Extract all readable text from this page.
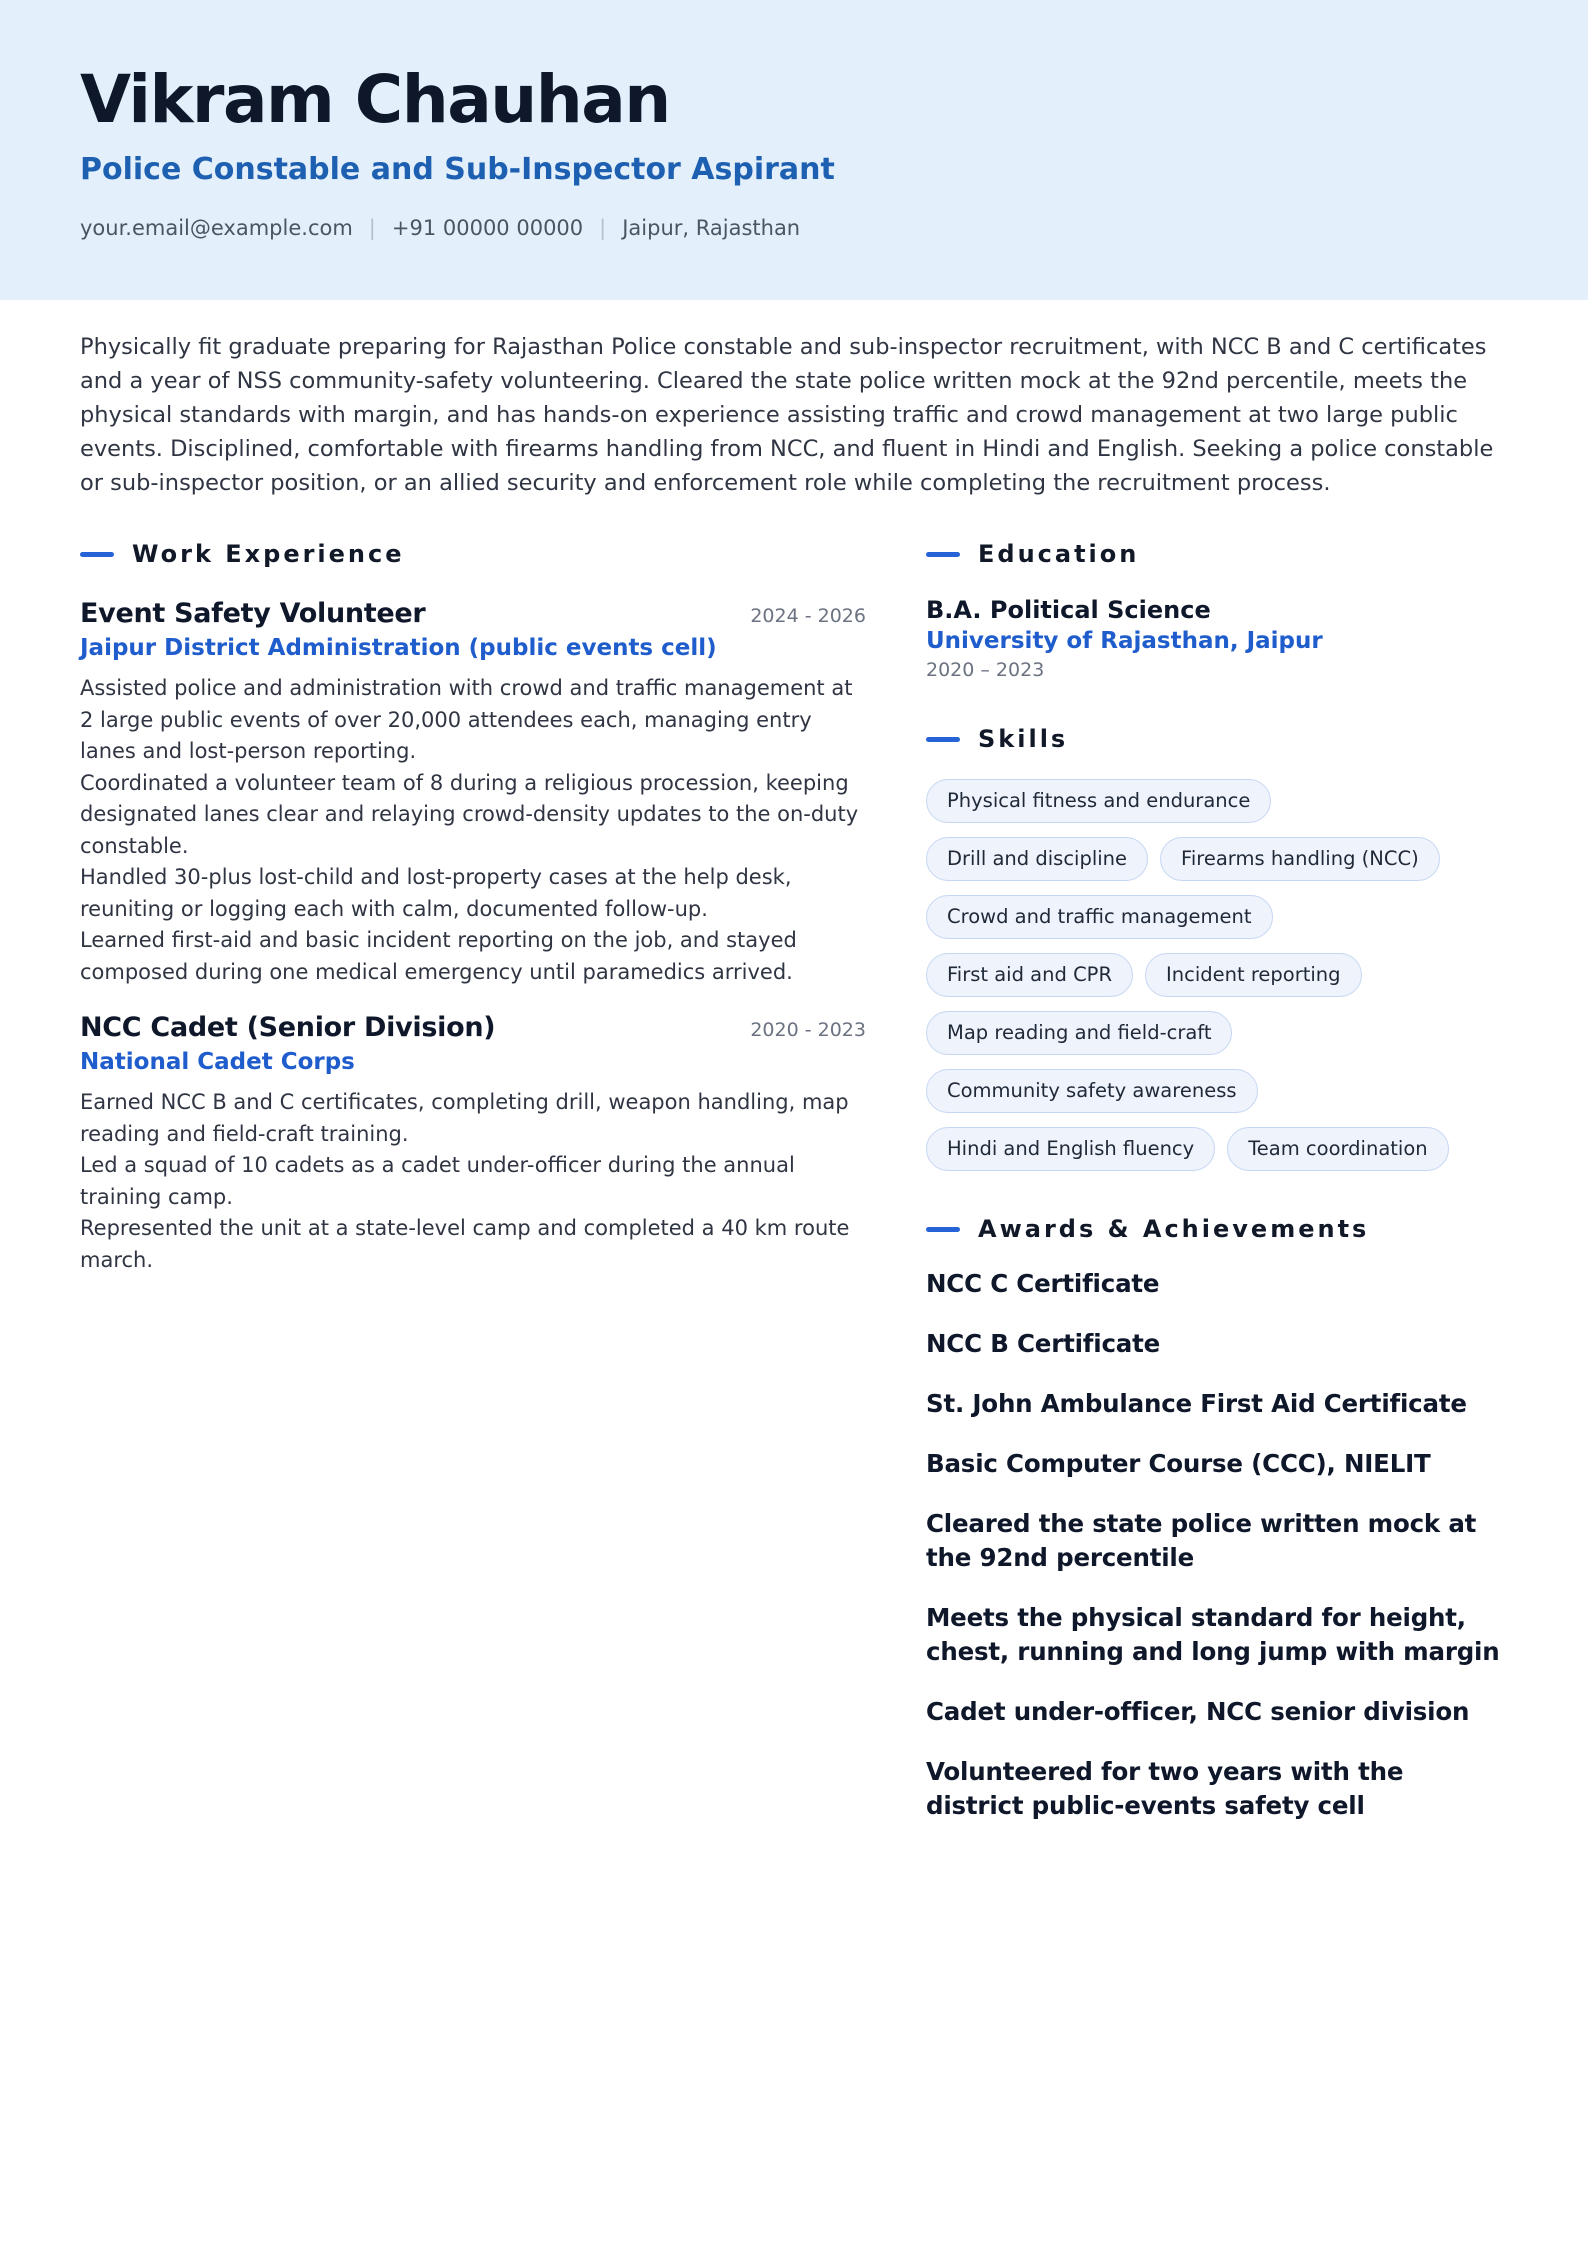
Vikram Chauhan
Police Constable and Sub-Inspector Aspirant
your.email@example.com | +91 00000 00000 | Jaipur, Rajasthan
Physically fit graduate preparing for Rajasthan Police constable and sub-inspector recruitment, with NCC B and C certificates and a year of NSS community-safety volunteering. Cleared the state police written mock at the 92nd percentile, meets the physical standards with margin, and has hands-on experience assisting traffic and crowd management at two large public events. Disciplined, comfortable with firearms handling from NCC, and fluent in Hindi and English. Seeking a police constable or sub-inspector position, or an allied security and enforcement role while completing the recruitment process.
Work Experience
Event Safety Volunteer	2024 - 2026
Jaipur District Administration (public events cell)
Assisted police and administration with crowd and traffic management at 2 large public events of over 20,000 attendees each, managing entry lanes and lost-person reporting.
Coordinated a volunteer team of 8 during a religious procession, keeping designated lanes clear and relaying crowd-density updates to the on-duty constable.
Handled 30-plus lost-child and lost-property cases at the help desk, reuniting or logging each with calm, documented follow-up.
Learned first-aid and basic incident reporting on the job, and stayed composed during one medical emergency until paramedics arrived.
NCC Cadet (Senior Division)	2020 - 2023
National Cadet Corps
Earned NCC B and C certificates, completing drill, weapon handling, map reading and field-craft training.
Led a squad of 10 cadets as a cadet under-officer during the annual training camp.
Represented the unit at a state-level camp and completed a 40 km route march.
Education
B.A. Political Science
University of Rajasthan, Jaipur
2020 – 2023
Skills
Physical fitness and endurance
Drill and discipline	Firearms handling (NCC)
Crowd and traffic management
First aid and CPR	Incident reporting
Map reading and field-craft
Community safety awareness
Hindi and English fluency	Team coordination
Awards & Achievements
NCC C Certificate
NCC B Certificate
St. John Ambulance First Aid Certificate
Basic Computer Course (CCC), NIELIT
Cleared the state police written mock at the 92nd percentile
Meets the physical standard for height, chest, running and long jump with margin
Cadet under-officer, NCC senior division
Volunteered for two years with the district public-events safety cell
